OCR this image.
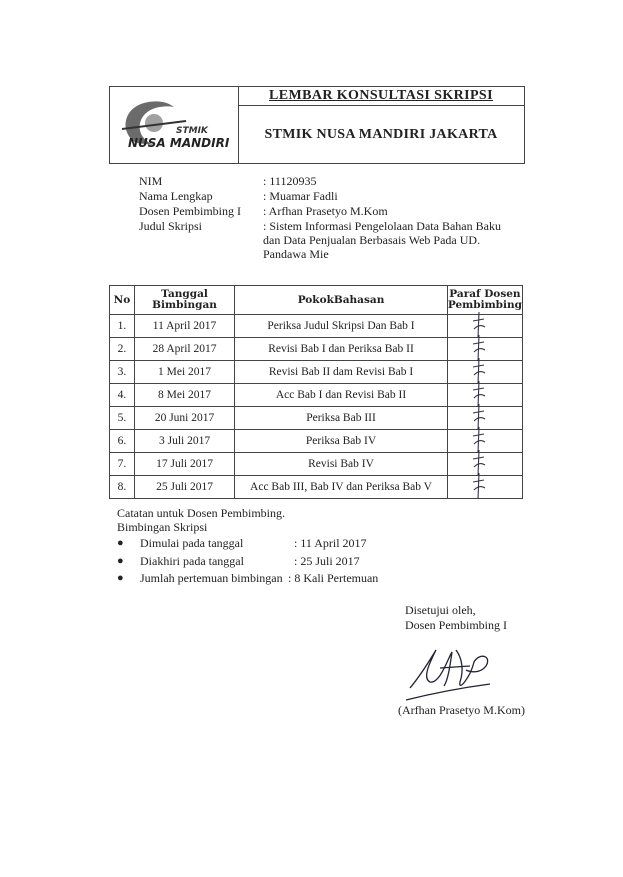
STMIK
NUSA MANDIRI
LEMBAR KONSULTASI SKRIPSI
STMIK NUSA MANDIRI JAKARTA
NIM	: 11120935
Nama Lengkap	: Muamar Fadli
Dosen Pembimbing I : Arfhan Prasetyo M.Kom
Judul Skripsi	: Sistem Informasi Pengelolaan Data Bahan Baku dan Data Penjualan Berbasais Web Pada UD. Pandawa Mie
No	Tanggal Bimbingan	PokokBahasan	Paraf Dosen Pembimbing
1.	11 April 2017	Periksa Judul Skripsi Dan Bab I	

2.	28 April 2017	Revisi Bab I dan Periksa Bab II	

3.	1 Mei 2017	Revisi Bab II dam Revisi Bab I	

4.	8 Mei 2017	Acc Bab I dan Revisi Bab II	

5.	20 Juni 2017	Periksa Bab III	

6.	3 Juli 2017	Periksa Bab IV	

7.	17 Juli 2017	Revisi Bab IV	

8.	25 Juli 2017	Acc Bab III, Bab IV dan Periksa Bab V	
Catatan untuk Dosen Pembimbing.
Bimbingan Skripsi
● Dimulai pada tanggal	: 11 April 2017
● Diakhiri pada tanggal	: 25 Juli 2017
● Jumlah pertemuan bimbingan : 8 Kali Pertemuan
Disetujui oleh,
Dosen Pembimbing I
(Arfhan Prasetyo M.Kom)
